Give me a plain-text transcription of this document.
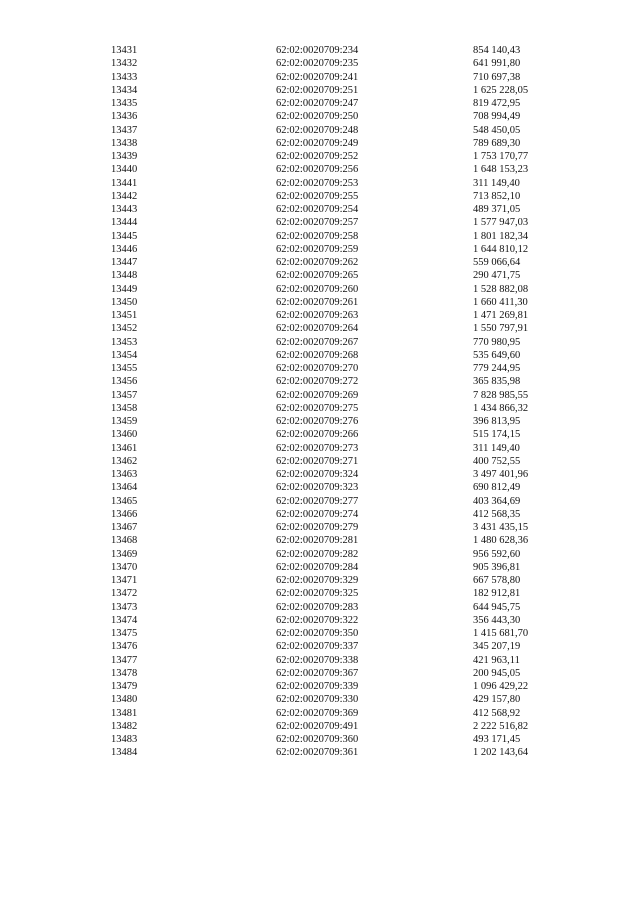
13431	62:02:0020709:234	854 140,43
13432	62:02:0020709:235	641 991,80
13433	62:02:0020709:241	710 697,38
13434	62:02:0020709:251	1 625 228,05
13435	62:02:0020709:247	819 472,95
13436	62:02:0020709:250	708 994,49
13437	62:02:0020709:248	548 450,05
13438	62:02:0020709:249	789 689,30
13439	62:02:0020709:252	1 753 170,77
13440	62:02:0020709:256	1 648 153,23
13441	62:02:0020709:253	311 149,40
13442	62:02:0020709:255	713 852,10
13443	62:02:0020709:254	489 371,05
13444	62:02:0020709:257	1 577 947,03
13445	62:02:0020709:258	1 801 182,34
13446	62:02:0020709:259	1 644 810,12
13447	62:02:0020709:262	559 066,64
13448	62:02:0020709:265	290 471,75
13449	62:02:0020709:260	1 528 882,08
13450	62:02:0020709:261	1 660 411,30
13451	62:02:0020709:263	1 471 269,81
13452	62:02:0020709:264	1 550 797,91
13453	62:02:0020709:267	770 980,95
13454	62:02:0020709:268	535 649,60
13455	62:02:0020709:270	779 244,95
13456	62:02:0020709:272	365 835,98
13457	62:02:0020709:269	7 828 985,55
13458	62:02:0020709:275	1 434 866,32
13459	62:02:0020709:276	396 813,95
13460	62:02:0020709:266	515 174,15
13461	62:02:0020709:273	311 149,40
13462	62:02:0020709:271	400 752,55
13463	62:02:0020709:324	3 497 401,96
13464	62:02:0020709:323	690 812,49
13465	62:02:0020709:277	403 364,69
13466	62:02:0020709:274	412 568,35
13467	62:02:0020709:279	3 431 435,15
13468	62:02:0020709:281	1 480 628,36
13469	62:02:0020709:282	956 592,60
13470	62:02:0020709:284	905 396,81
13471	62:02:0020709:329	667 578,80
13472	62:02:0020709:325	182 912,81
13473	62:02:0020709:283	644 945,75
13474	62:02:0020709:322	356 443,30
13475	62:02:0020709:350	1 415 681,70
13476	62:02:0020709:337	345 207,19
13477	62:02:0020709:338	421 963,11
13478	62:02:0020709:367	200 945,05
13479	62:02:0020709:339	1 096 429,22
13480	62:02:0020709:330	429 157,80
13481	62:02:0020709:369	412 568,92
13482	62:02:0020709:491	2 222 516,82
13483	62:02:0020709:360	493 171,45
13484	62:02:0020709:361	1 202 143,64
